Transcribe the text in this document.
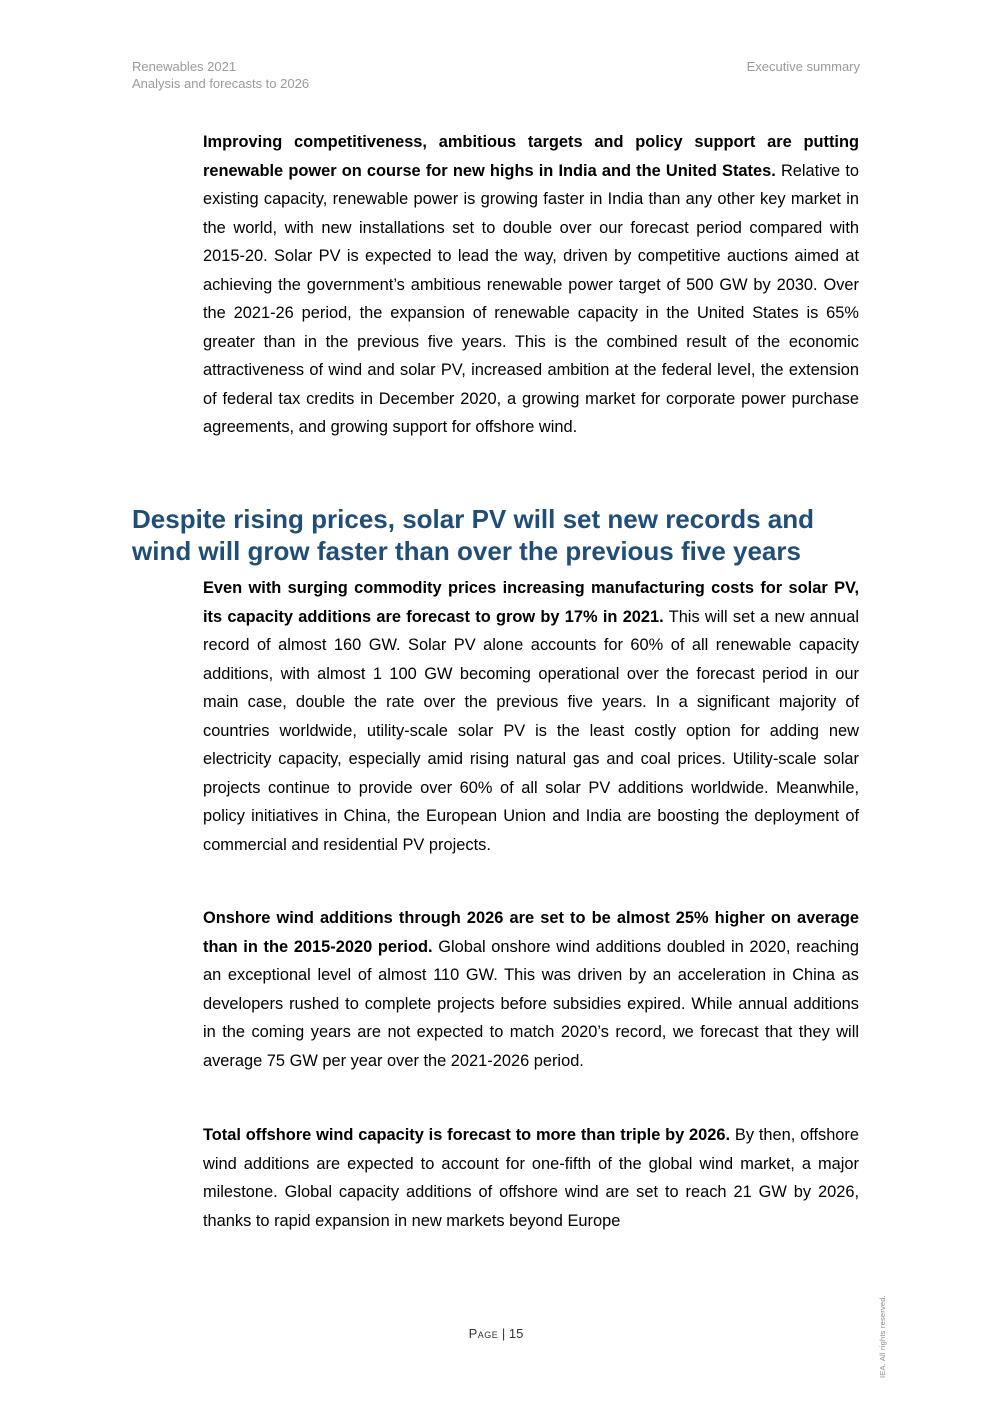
Renewables 2021
Analysis and forecasts to 2026
Executive summary
Improving competitiveness, ambitious targets and policy support are putting renewable power on course for new highs in India and the United States. Relative to existing capacity, renewable power is growing faster in India than any other key market in the world, with new installations set to double over our forecast period compared with 2015-20. Solar PV is expected to lead the way, driven by competitive auctions aimed at achieving the government’s ambitious renewable power target of 500 GW by 2030. Over the 2021-26 period, the expansion of renewable capacity in the United States is 65% greater than in the previous five years. This is the combined result of the economic attractiveness of wind and solar PV, increased ambition at the federal level, the extension of federal tax credits in December 2020, a growing market for corporate power purchase agreements, and growing support for offshore wind.
Despite rising prices, solar PV will set new records and wind will grow faster than over the previous five years
Even with surging commodity prices increasing manufacturing costs for solar PV, its capacity additions are forecast to grow by 17% in 2021. This will set a new annual record of almost 160 GW. Solar PV alone accounts for 60% of all renewable capacity additions, with almost 1 100 GW becoming operational over the forecast period in our main case, double the rate over the previous five years. In a significant majority of countries worldwide, utility-scale solar PV is the least costly option for adding new electricity capacity, especially amid rising natural gas and coal prices. Utility-scale solar projects continue to provide over 60% of all solar PV additions worldwide. Meanwhile, policy initiatives in China, the European Union and India are boosting the deployment of commercial and residential PV projects.
Onshore wind additions through 2026 are set to be almost 25% higher on average than in the 2015-2020 period. Global onshore wind additions doubled in 2020, reaching an exceptional level of almost 110 GW. This was driven by an acceleration in China as developers rushed to complete projects before subsidies expired. While annual additions in the coming years are not expected to match 2020’s record, we forecast that they will average 75 GW per year over the 2021-2026 period.
Total offshore wind capacity is forecast to more than triple by 2026. By then, offshore wind additions are expected to account for one-fifth of the global wind market, a major milestone. Global capacity additions of offshore wind are set to reach 21 GW by 2026, thanks to rapid expansion in new markets beyond Europe
Page | 15	IEA. All rights reserved.
